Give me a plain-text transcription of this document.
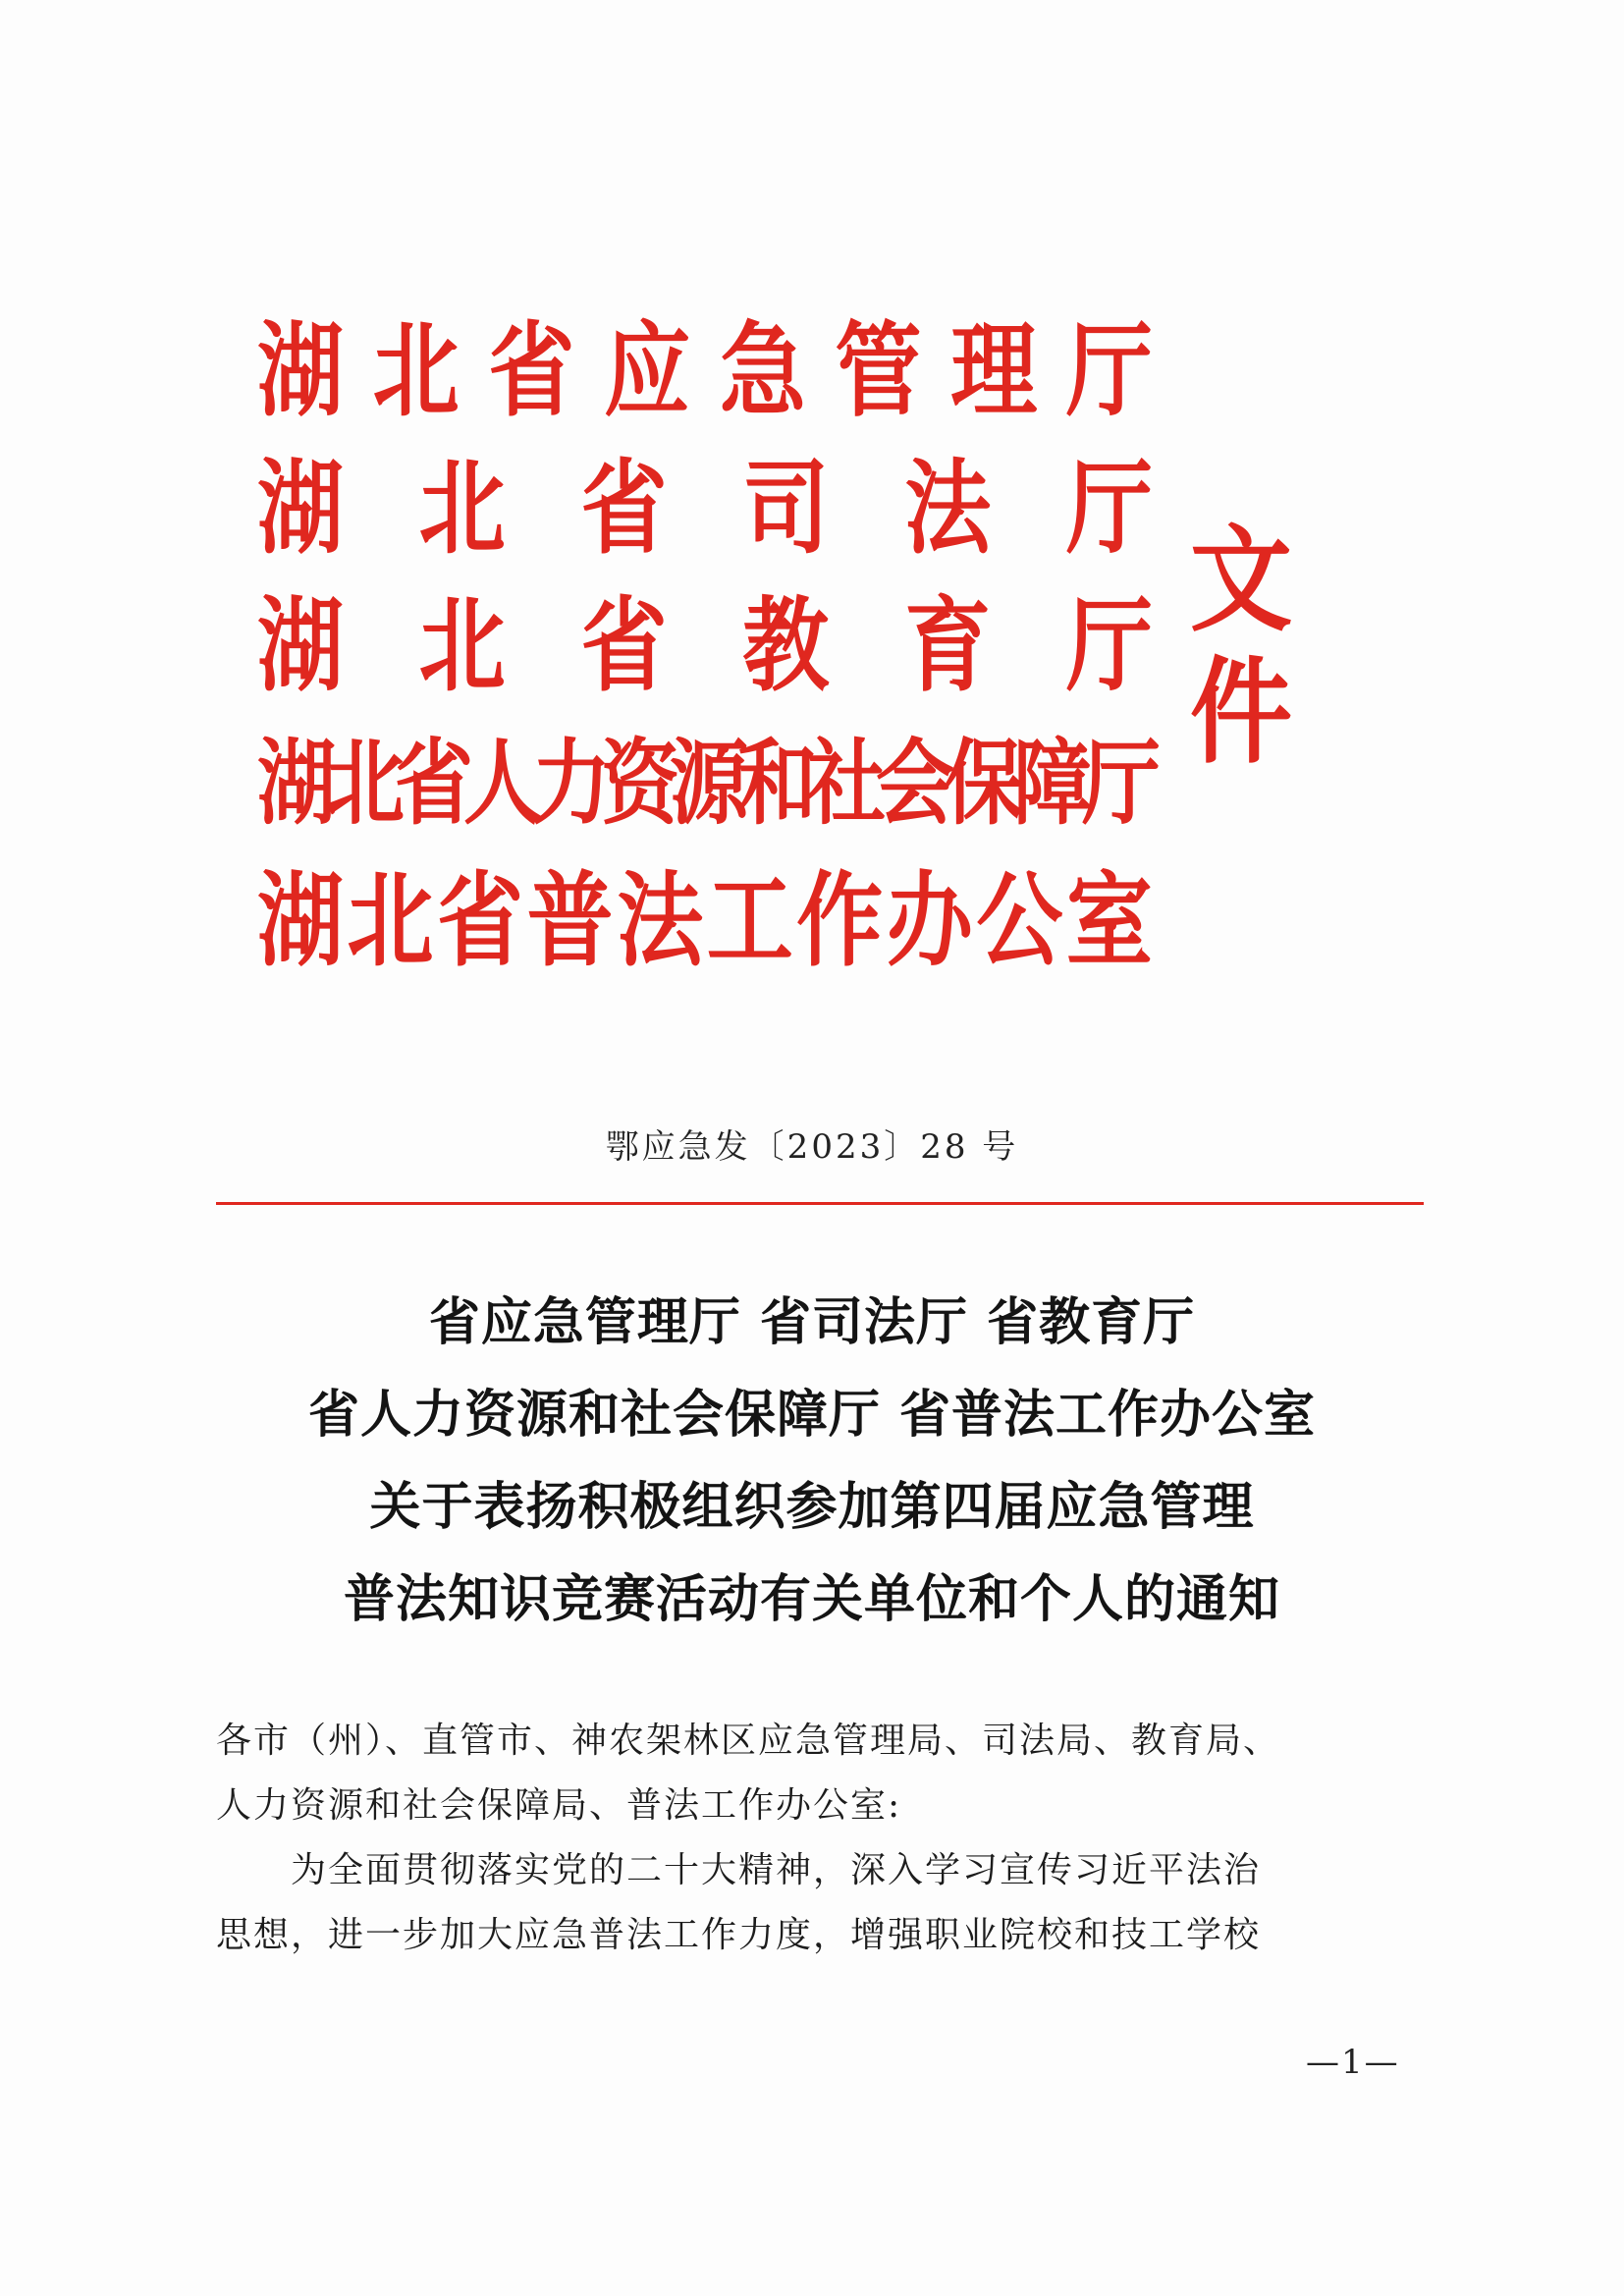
湖 北 省 应 急 管 理 厅
湖 北 省 司 法 厅
湖 北 省 教 育 厅
湖
北
省
人
力
资
源
和
社
会
保
障
厅
湖 北 省 普 法 工 作 办 公 室
文件
鄂应急发〔2023〕28 号
省应急管理厅 省司法厅 省教育厅
省人力资源和社会保障厅 省普法工作办公室
关于表扬积极组织参加第四届应急管理
普法知识竞赛活动有关单位和个人的通知

各市（州）、直管市、神农架林区应急管理局、司法局、教育局、

人力资源和社会保障局、普法工作办公室:

为全面贯彻落实党的二十大精神，深入学习宣传习近平法治

思想，进一步加大应急普法工作力度，增强职业院校和技工学校

—1—
